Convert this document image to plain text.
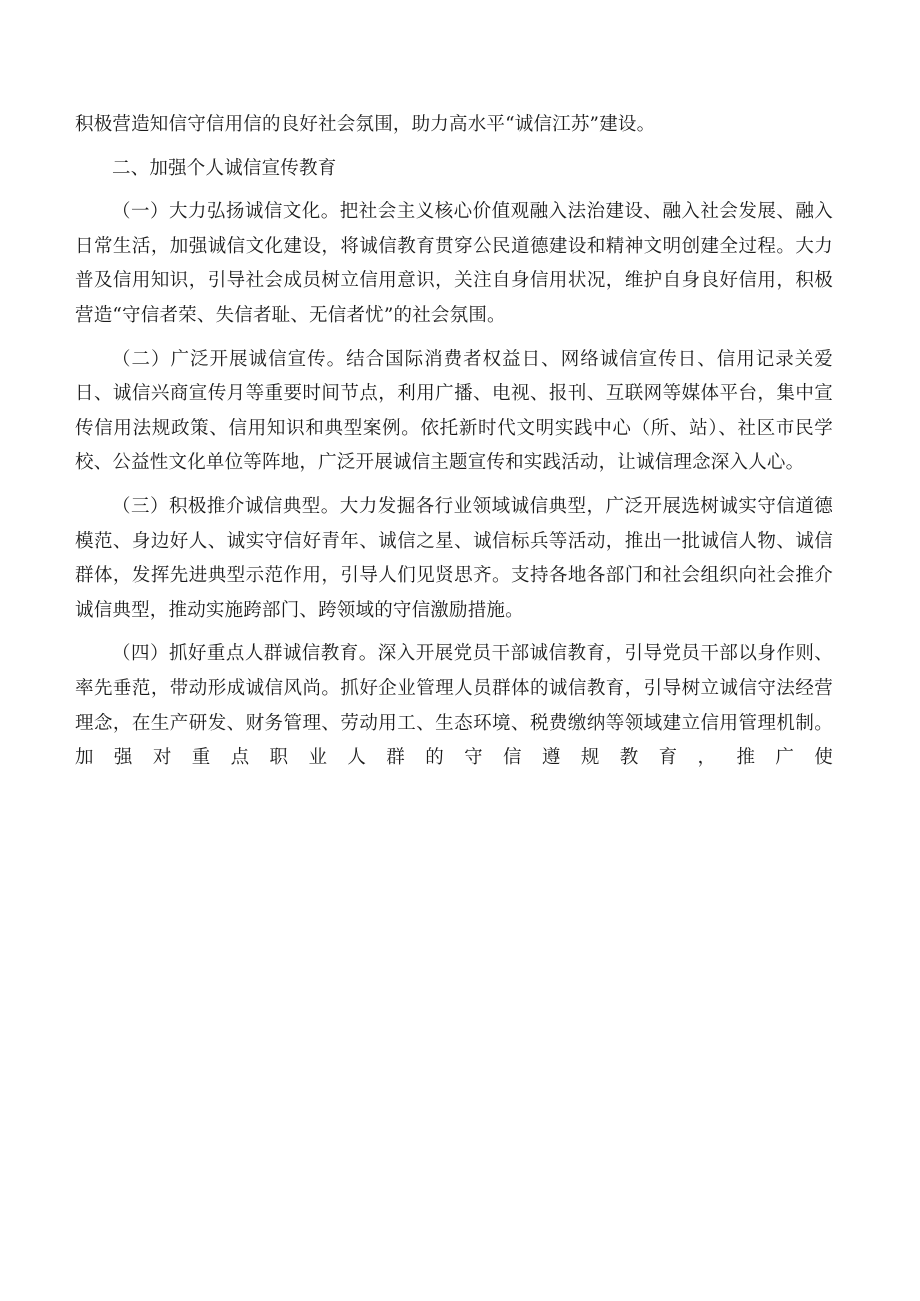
积极营造知信守信用信的良好社会氛围，助力高水平“诚信江苏”建设。

二、加强个人诚信宣传教育

（一）大力弘扬诚信文化。把社会主义核心价值观融入法治建设、融入社会发展、融入日常生活，加强诚信文化建设，将诚信教育贯穿公民道德建设和精神文明创建全过程。大力普及信用知识，引导社会成员树立信用意识，关注自身信用状况，维护自身良好信用，积极营造“守信者荣、失信者耻、无信者忧”的社会氛围。

（二）广泛开展诚信宣传。结合国际消费者权益日、网络诚信宣传日、信用记录关爱日、诚信兴商宣传月等重要时间节点，利用广播、电视、报刊、互联网等媒体平台，集中宣传信用法规政策、信用知识和典型案例。依托新时代文明实践中心（所、站）、社区市民学校、公益性文化单位等阵地，广泛开展诚信主题宣传和实践活动，让诚信理念深入人心。

（三）积极推介诚信典型。大力发掘各行业领域诚信典型，广泛开展选树诚实守信道德模范、身边好人、诚实守信好青年、诚信之星、诚信标兵等活动，推出一批诚信人物、诚信群体，发挥先进典型示范作用，引导人们见贤思齐。支持各地各部门和社会组织向社会推介诚信典型，推动实施跨部门、跨领域的守信激励措施。

（四）抓好重点人群诚信教育。深入开展党员干部诚信教育，引导党员干部以身作则、率先垂范，带动形成诚信风尚。抓好企业管理人员群体的诚信教育，引导树立诚信守法经营理念，在生产研发、财务管理、劳动用工、生态环境、税费缴纳等领域建立信用管理机制。加强对重点职业人群的守信遵规教育，推广使
